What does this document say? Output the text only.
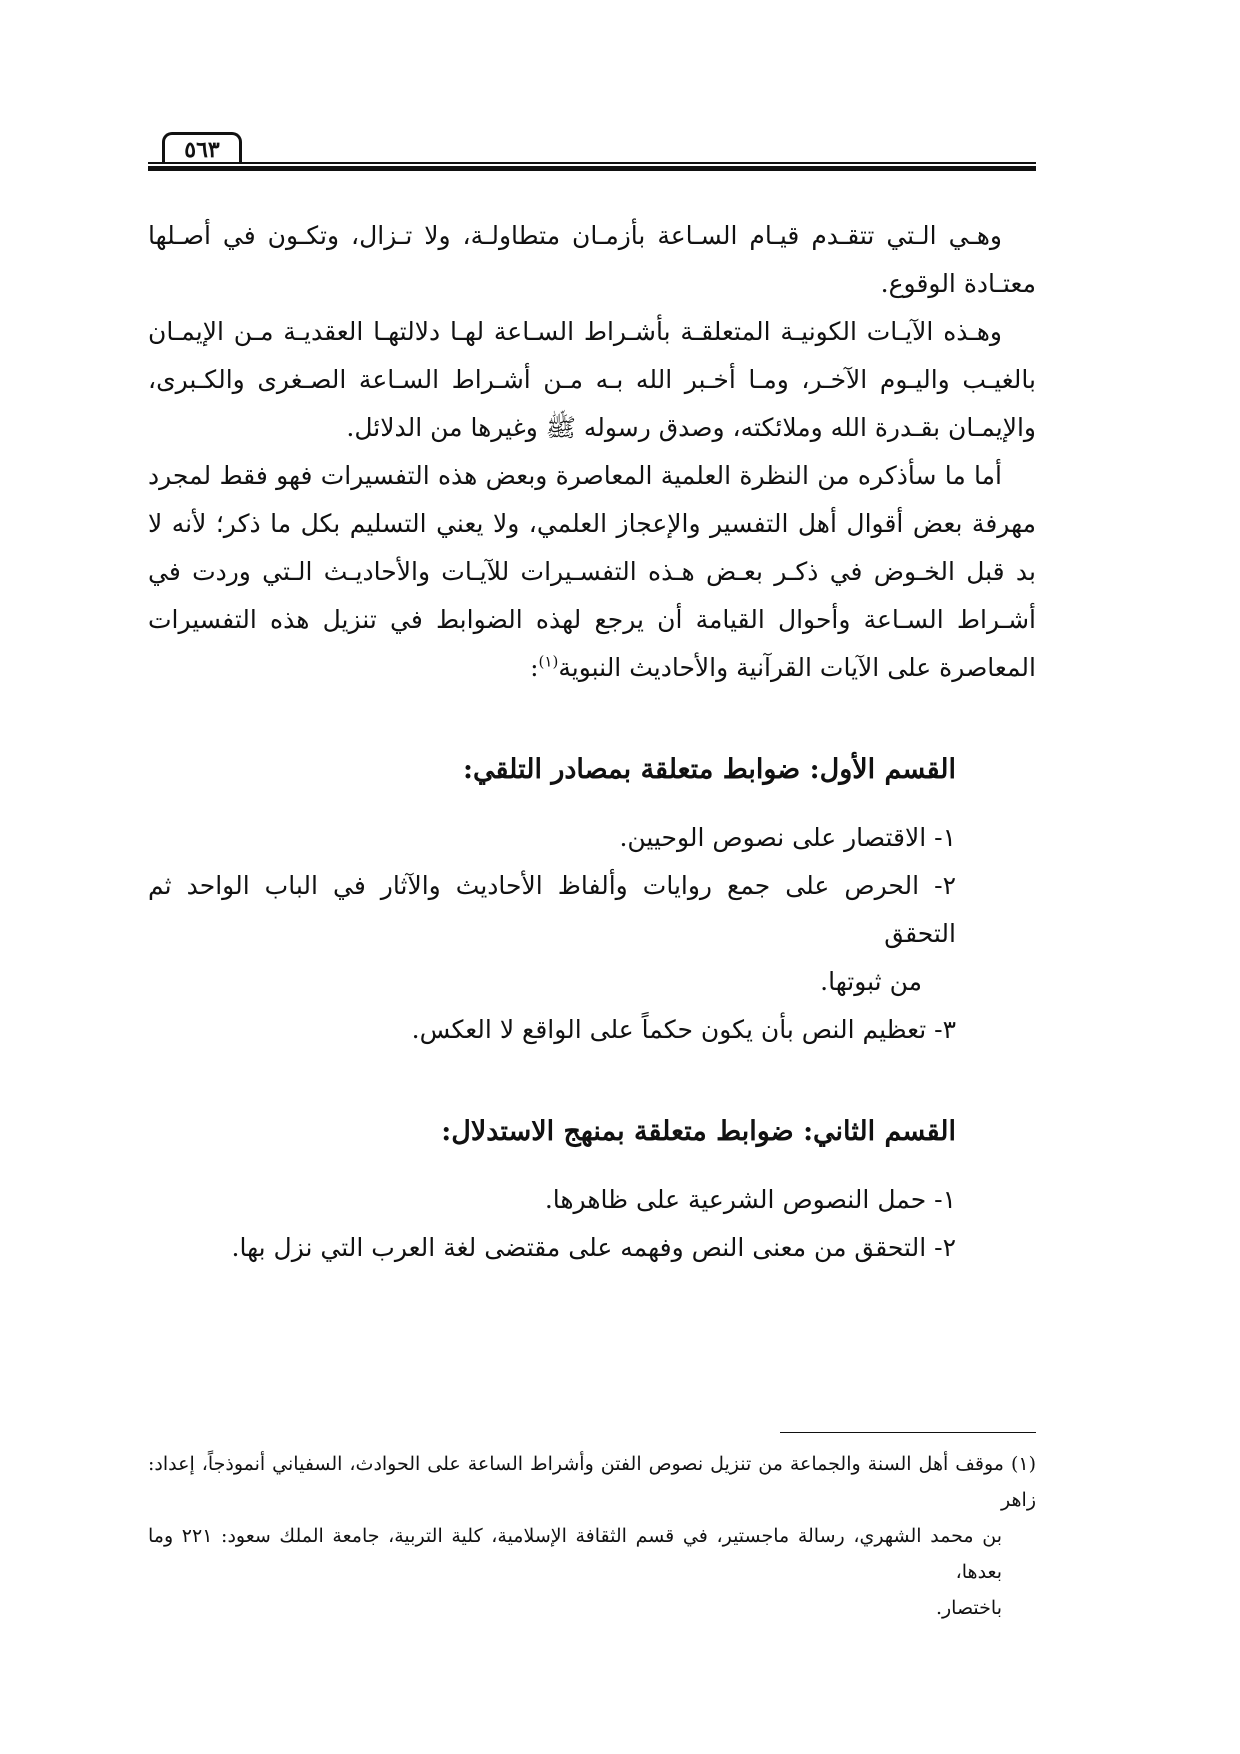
٥٦٣

وهـي الـتي تتقـدم قيـام السـاعة بأزمـان متطاولـة، ولا تـزال، وتكـون في أصـلها معتـادة الوقوع.

وهـذه الآيـات الكونيـة المتعلقـة بأشـراط السـاعة لهـا دلالتهـا العقديـة مـن الإيمـان بالغيـب واليـوم الآخـر، ومـا أخـبر الله بـه مـن أشـراط السـاعة الصـغرى والكـبرى، والإيمـان بقـدرة الله وملائكته، وصدق رسوله ﷺ وغيرها من الدلائل.

أما ما سأذكره من النظرة العلمية المعاصرة وبعض هذه التفسيرات فهو فقط لمجرد مهرفة بعض أقوال أهل التفسير والإعجاز العلمي، ولا يعني التسليم بكل ما ذكر؛ لأنه لا بد قبل الخـوض في ذكـر بعـض هـذه التفسـيرات للآيـات والأحاديـث الـتي وردت في أشـراط السـاعة وأحوال القيامة أن يرجع لهذه الضوابط في تنزيل هذه التفسيرات المعاصرة على الآيات القرآنية والأحاديث النبوية$^{(١)}$:

القسم الأول: ضوابط متعلقة بمصادر التلقي:
١- الاقتصار على نصوص الوحيين.
٢- الحرص على جمع روايات وألفاظ الأحاديث والآثار في الباب الواحد ثم التحقق
من ثبوتها.
٣- تعظيم النص بأن يكون حكماً على الواقع لا العكس.
القسم الثاني: ضوابط متعلقة بمنهج الاستدلال:
١- حمل النصوص الشرعية على ظاهرها.
٢- التحقق من معنى النص وفهمه على مقتضى لغة العرب التي نزل بها.
(١) موقف أهل السنة والجماعة من تنزيل نصوص الفتن وأشراط الساعة على الحوادث، السفياني أنموذجاً، إعداد: زاهر
بن محمد الشهري، رسالة ماجستير، في قسم الثقافة الإسلامية، كلية التربية، جامعة الملك سعود: ٢٢١ وما بعدها،
باختصار.
